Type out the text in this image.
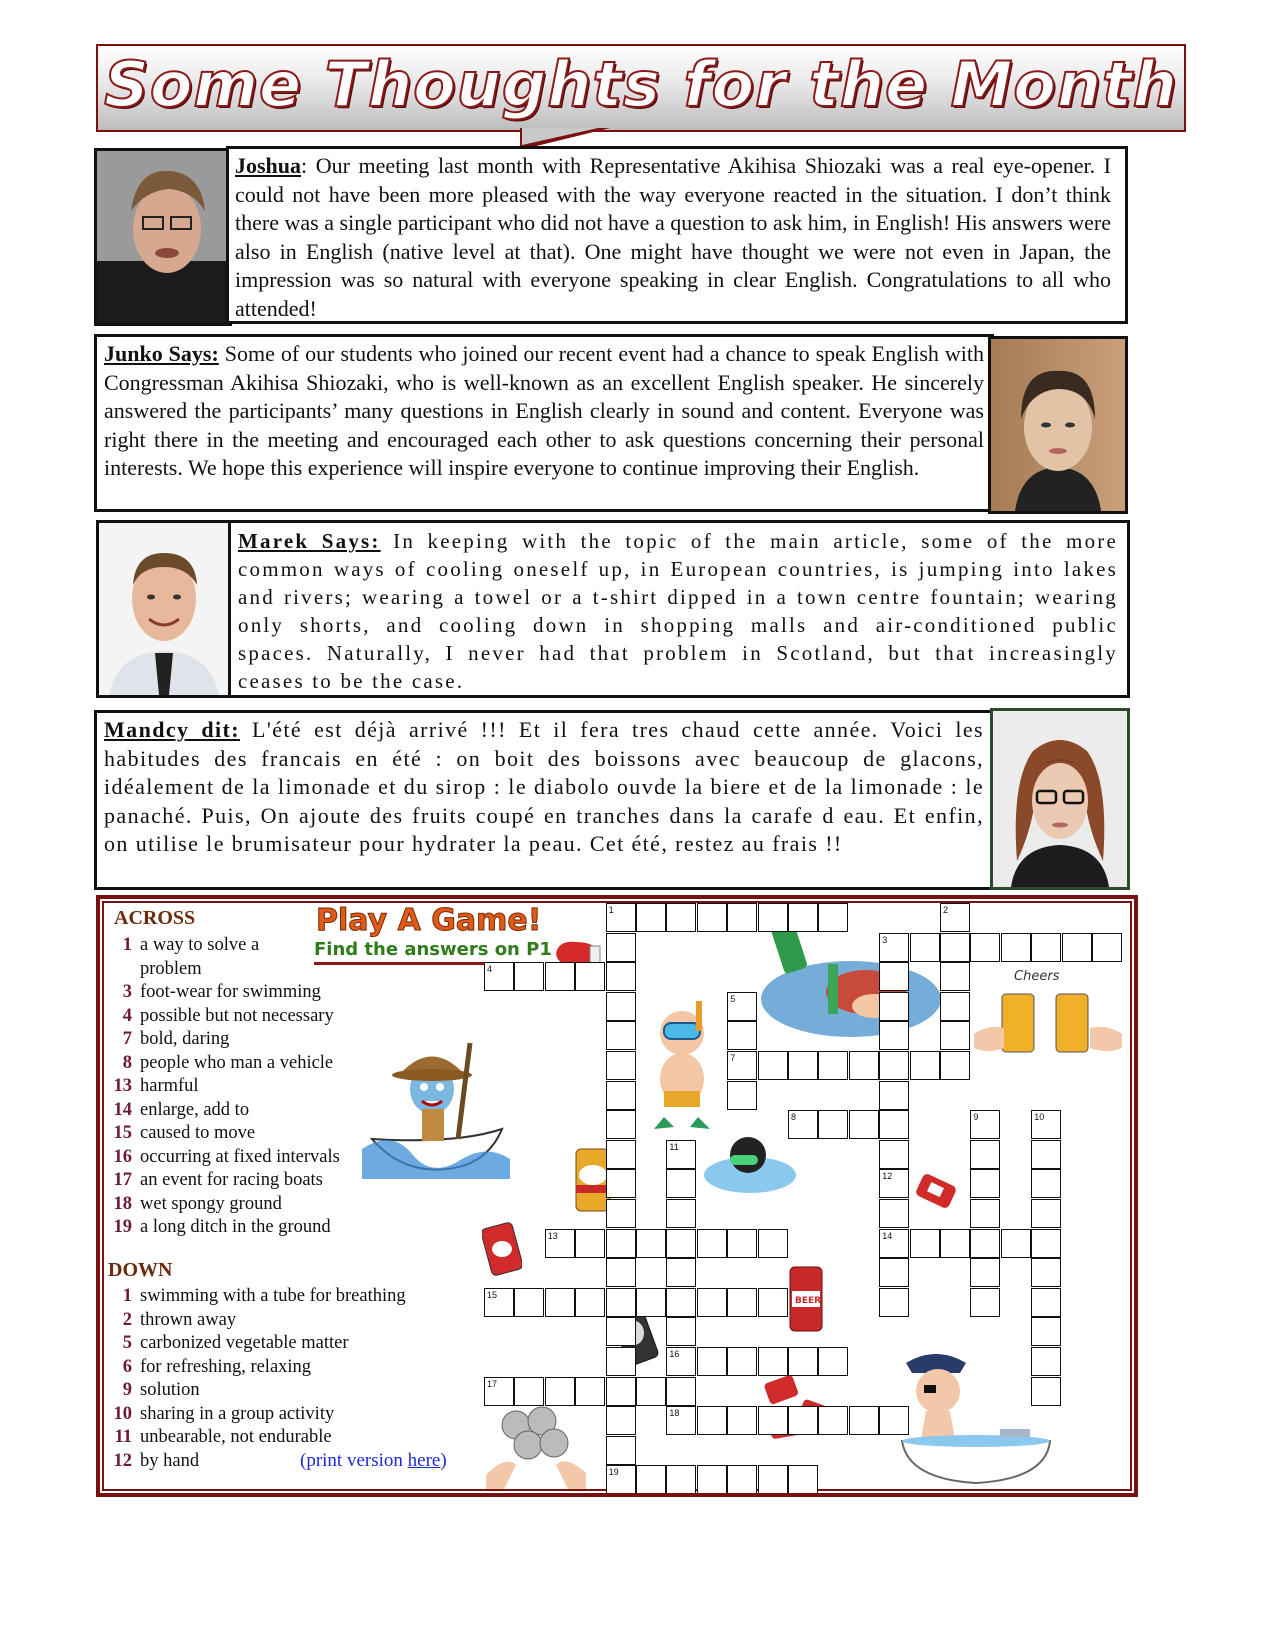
Some Thoughts for the Month
Joshua: Our meeting last month with Representative Akihisa Shiozaki was a real eye-opener. I could not have been more pleased with the way everyone reacted in the situation. I don’t think there was a single participant who did not have a question to ask him, in English! His answers were also in English (native level at that). One might have thought we were not even in Japan, the impression was so natural with everyone speaking in clear English. Congratulations to all who attended!
Junko Says: Some of our students who joined our recent event had a chance to speak English with Congressman Akihisa Shiozaki, who is well-known as an excellent English speaker. He sincerely answered the participants’ many questions in English clearly in sound and content. Everyone was right there in the meeting and encouraged each other to ask questions concerning their personal interests. We hope this experience will inspire everyone to continue improving their English.
Marek Says: In keeping with the topic of the main article, some of the more common ways of cooling oneself up, in European countries, is jumping into lakes and rivers; wearing a towel or a t-shirt dipped in a town centre fountain; wearing only shorts, and cooling down in shopping malls and air-conditioned public spaces. Naturally, I never had that problem in Scotland, but that increasingly ceases to be the case.
Mandcy dit: L'été est déjà arrivé !!! Et il fera tres chaud cette année. Voici les habitudes des francais en été : on boit des boissons avec beaucoup de glacons, idéalement de la limonade et du sirop : le diabolo ouvde la biere et de la limonade : le panaché. Puis, On ajoute des fruits coupé en tranches dans la carafe d eau. Et enfin, on utilise le brumisateur pour hydrater la peau. Cet été, restez au frais !!
ACROSS
1 a way to solve a
problem
3 foot-wear for swimming
4 possible but not necessary
7 bold, daring
8 people who man a vehicle
13 harmful
14 enlarge, add to
15 caused to move
16 occurring at fixed intervals
17 an event for racing boats
18 wet spongy ground
19 a long ditch in the ground
DOWN
1 swimming with a tube for breathing
2 thrown away
5 carbonized vegetable matter
6 for refreshing, relaxing
9 solution
10 sharing in a group activity
11 unbearable, not endurable
12 by hand	(print version here)
Play A Game!
Find the answers on P1
Cheers
BEER
1
3
4
7
8
13	14
15
16
17
18
19
2
5
12
9	10
11
